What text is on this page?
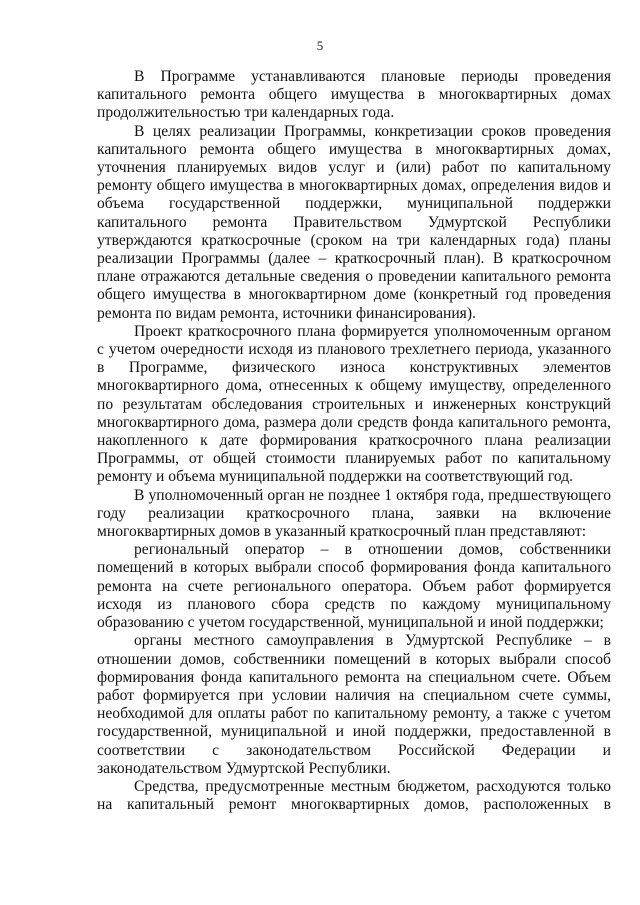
5

В Программе устанавливаются плановые периоды проведения капитального ремонта общего имущества в многоквартирных домах продолжительностью три календарных года.

В целях реализации Программы, конкретизации сроков проведения капитального ремонта общего имущества в многоквартирных домах, уточнения планируемых видов услуг и (или) работ по капитальному ремонту общего имущества в многоквартирных домах, определения видов и объема государственной поддержки, муниципальной поддержки капитального ремонта Правительством Удмуртской Республики утверждаются краткосрочные (сроком на три календарных года) планы реализации Программы (далее – краткосрочный план). В краткосрочном плане отражаются детальные сведения о проведении капитального ремонта общего имущества в многоквартирном доме (конкретный год проведения ремонта по видам ремонта, источники финансирования).

Проект краткосрочного плана формируется уполномоченным органом с учетом очередности исходя из планового трехлетнего периода, указанного в Программе, физического износа конструктивных элементов многоквартирного дома, отнесенных к общему имуществу, определенного по результатам обследования строительных и инженерных конструкций многоквартирного дома, размера доли средств фонда капитального ремонта, накопленного к дате формирования краткосрочного плана реализации Программы, от общей стоимости планируемых работ по капитальному ремонту и объема муниципальной поддержки на соответствующий год.

В уполномоченный орган не позднее 1 октября года, предшествующего году реализации краткосрочного плана, заявки на включение многоквартирных домов в указанный краткосрочный план представляют:

региональный оператор – в отношении домов, собственники помещений в которых выбрали способ формирования фонда капитального ремонта на счете регионального оператора. Объем работ формируется исходя из планового сбора средств по каждому муниципальному образованию с учетом государственной, муниципальной и иной поддержки;

органы местного самоуправления в Удмуртской Республике – в отношении домов, собственники помещений в которых выбрали способ формирования фонда капитального ремонта на специальном счете. Объем работ формируется при условии наличия на специальном счете суммы, необходимой для оплаты работ по капитальному ремонту, а также с учетом государственной, муниципальной и иной поддержки, предоставленной в соответствии с законодательством Российской Федерации и законодательством Удмуртской Республики.

Средства, предусмотренные местным бюджетом, расходуются только на капитальный ремонт многоквартирных домов, расположенных в
